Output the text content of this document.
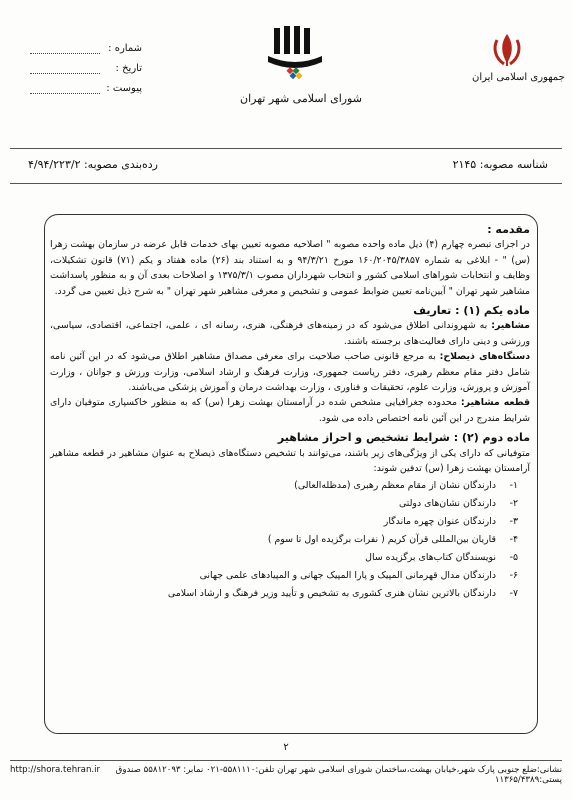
جمهوری اسلامی ایران
شورای اسلامی شهر تهران
شماره :
تاریخ :
پیوست :
شناسه مصوبه: ۲۱۴۵
رده‌بندی مصوبه: ۴/۹۴/۲۲۳/۲

مقدمه :

در اجرای تبصره چهارم (۴) ذیل ماده واحده مصوبه " اصلاحیه مصوبه تعیین بهای خدمات قابل عرضه در سازمان بهشت زهرا (س) " - ابلاغی به شماره ۱۶۰/۲۰۴۵/۳۸۵۷ مورخ ۹۴/۳/۲۱ و به استناد بند (۲۶) ماده هفتاد و یکم (۷۱) قانون تشکیلات، وظایف و انتخابات شوراهای اسلامی کشور و انتخاب شهرداران مصوب ۱۳۷۵/۳/۱ و اصلاحات بعدی آن و به منظور پاسداشت مشاهیر شهر تهران " آیین‌نامه تعیین ضوابط عمومی و تشخیص و معرفی مشاهیر شهر تهران " به شرح ذیل تعیین می گردد.

ماده یکم (۱) : تعاریف

مشاهیر: به شهروندانی اطلاق می‌شود که در زمینه‌های فرهنگی، هنری، رسانه ای ، علمی، اجتماعی، اقتصادی، سیاسی، ورزشی و دینی دارای فعالیت‌های برجسته باشند.

دستگاه‌های ذیصلاح: به مرجع قانونی صاحب صلاحیت برای معرفی مصداق مشاهیر اطلاق می‌شود که در این آئین نامه شامل دفتر مقام معظم رهبری، دفتر ریاست جمهوری، وزارت فرهنگ و ارشاد اسلامی، وزارت ورزش و جوانان ، وزارت آموزش و پرورش، وزارت علوم، تحقیقات و فناوری ، وزارت بهداشت درمان و آموزش پزشکی می‌باشند.

قطعه مشاهیر: محدوده جغرافیایی مشخص شده در آرامستان بهشت زهرا (س) که به منظور خاکسپاری متوفیان دارای شرایط مندرج در این آئین نامه اختصاص داده می شود.

ماده دوم (۲) : شرایط تشخیص و احراز مشاهیر

متوفیانی که دارای یکی از ویژگی‌های زیر باشند، می‌توانند با تشخیص دستگاه‌های ذیصلاح به عنوان مشاهیر در قطعه مشاهیر آرامستان بهشت زهرا (س) تدفین شوند:

۱-
دارندگان نشان از مقام معظم رهبری (مدظله‌العالی)
۲-
دارندگان نشان‌های دولتی
۳-
دارندگان عنوان چهره ماندگار
۴-
قاریان بین‌المللی قرآن کریم ( نفرات برگزیده اول تا سوم )
۵-
نویسندگان کتاب‌های برگزیده سال
۶-
دارندگان مدال قهرمانی المپیک و پارا المپیک جهانی و المپیادهای علمی جهانی
۷-
دارندگان بالاترین نشان هنری کشوری به تشخیص و تأیید وزیر فرهنگ و ارشاد اسلامی
۲
نشانی:ضلع جنوبی پارک شهر،خیابان بهشت،ساختمان شورای اسلامی شهر تهران تلفن:۵۵۸۱۱۱۰-۰۲۱ نمابر: ۵۵۸۱۲۰۹۳ صندوق پستی:۱۱۳۶۵/۴۳۸۹
http://shora.tehran.ir
